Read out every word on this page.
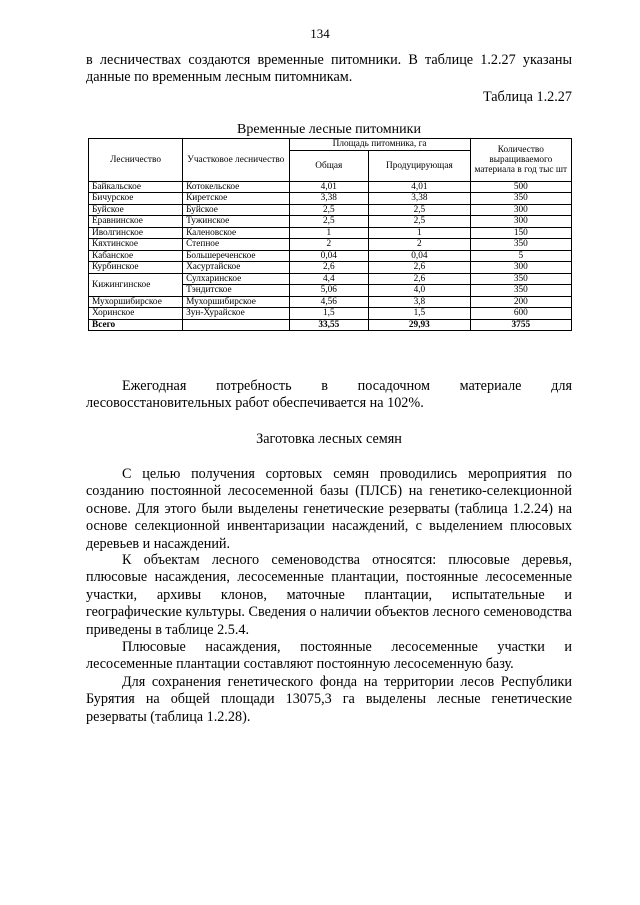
134
в лесничествах создаются временные питомники. В таблице 1.2.27 указаны данные по временным лесным питомникам.
Таблица 1.2.27
Временные лесные питомники
Лесничество	Участковое лесничество	Площадь питомника, га		Количество выращиваемого материала в год тыс шт
		Общая	Продуцирующая	
Байкальское	Котокельское	4,01	4,01	500
Бичурское	Киретское	3,38	3,38	350
Буйское	Буйское	2,5	2,5	300
Еравнинское	Тужинское	2,5	2,5	300
Иволгинское	Каленовское	1	1	150
Кяхтинское	Степное	2	2	350
Кабанское	Большереченское	0,04	0,04	5
Курбинское	Хасуртайское	2,6	2,6	300
Кижингинское	Сулхаринское	4,4	2,6	350
	Тэндитское	5,06	4,0	350
Мухоршибирское	Мухоршибирское	4,56	3,8	200
Хоринское	Зун-Хурайское	1,5	1,5	600
Всего		33,55	29,93	3755
Ежегодная потребность в посадочном материале для лесовосстановительных работ обеспечивается на 102%.
Заготовка лесных семян
С целью получения сортовых семян проводились мероприятия по созданию постоянной лесосеменной базы (ПЛСБ) на генетико-селекционной основе. Для этого были выделены генетические резерваты (таблица 1.2.24) на основе селекционной инвентаризации насаждений, с выделением плюсовых деревьев и насаждений.
К объектам лесного семеноводства относятся: плюсовые деревья, плюсовые насаждения, лесосеменные плантации, постоянные лесосеменные участки, архивы клонов, маточные плантации, испытательные и географические культуры. Сведения о наличии объектов лесного семеноводства приведены в таблице 2.5.4.
Плюсовые насаждения, постоянные лесосеменные участки и лесосеменные плантации составляют постоянную лесосеменную базу.
Для сохранения генетического фонда на территории лесов Республики Бурятия на общей площади 13075,3 га выделены лесные генетические резерваты (таблица 1.2.28).
